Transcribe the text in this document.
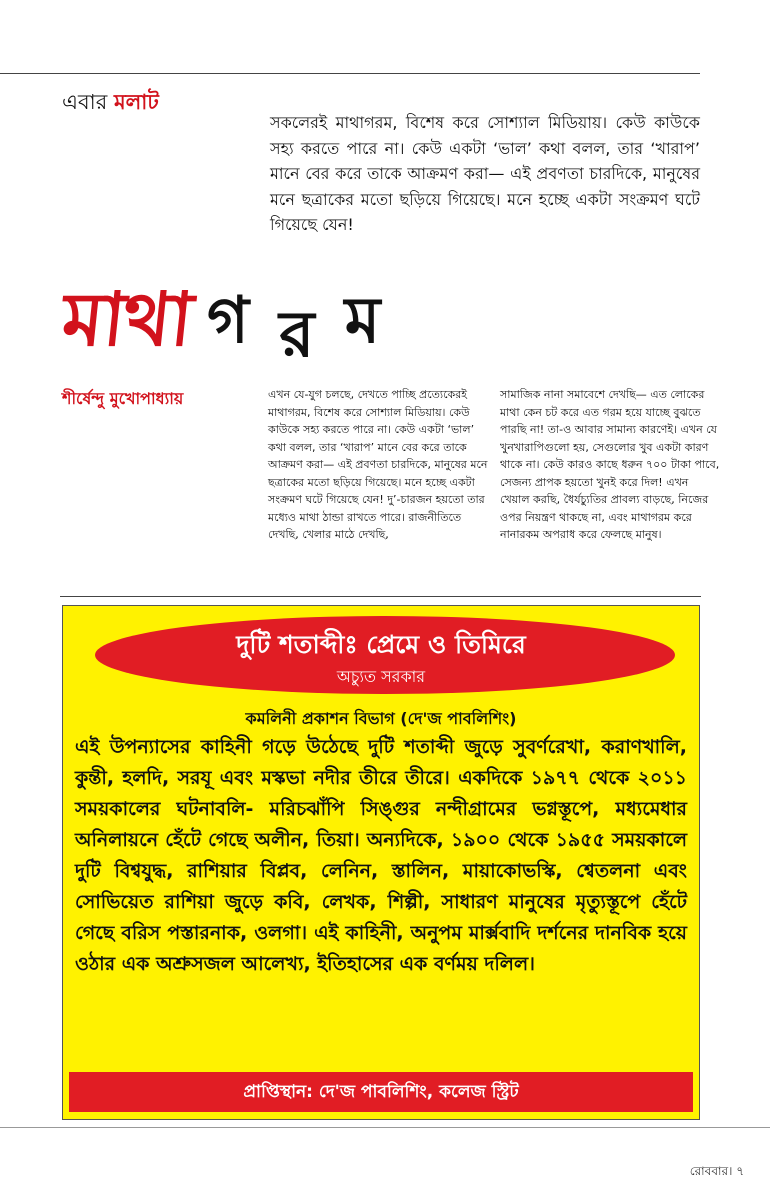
এবার মলাট
সকলেরই মাথাগরম, বিশেষ করে সোশ্যাল মিডিয়ায়। কেউ কাউকে সহ্য করতে পারে না। কেউ একটা ‘ভাল’ কথা বলল, তার ‘খারাপ’ মানে বের করে তাকে আক্রমণ করা— এই প্রবণতা চারদিকে, মানুষের মনে ছত্রাকের মতো ছড়িয়ে গিয়েছে। মনে হচ্ছে একটা সংক্রমণ ঘটে গিয়েছে যেন!
মাথা গ র ম
শীর্ষেন্দু মুখোপাধ্যায়	এখন যে-যুগ চলছে, দেখতে পাচ্ছি প্রত্যেকেরই মাথাগরম, বিশেষ করে সোশ্যাল মিডিয়ায়। কেউ কাউকে সহ্য করতে পারে না। কেউ একটা ‘ভাল’ কথা বলল, তার ‘খারাপ’ মানে বের করে তাকে আক্রমণ করা— এই প্রবণতা চারদিকে, মানুষের মনে ছত্রাকের মতো ছড়িয়ে গিয়েছে। মনে হচ্ছে একটা সংক্রমণ ঘটে গিয়েছে যেন! দু’-চারজন হয়তো তার মধ্যেও মাথা ঠান্ডা রাখতে পারে। রাজনীতিতে দেখছি, খেলার মাঠে দেখছি,
সামাজিক নানা সমাবেশে দেখছি— এত লোকের মাথা কেন চট করে এত গরম হয়ে যাচ্ছে বুঝতে পারছি না! তা-ও আবার সামান্য কারণেই। এখন যে খুনখারাপিগুলো হয়, সেগুলোর খুব একটা কারণ থাকে না। কেউ কারও কাছে ধরুন ৭০০ টাকা পাবে, সেজন্য প্রাপক হয়তো খুনই করে দিল! এখন খেয়াল করছি, ধৈর্যচ্যুতির প্রাবল্য বাড়ছে, নিজের ওপর নিয়ন্ত্রণ থাকছে না, এবং মাথাগরম করে নানারকম অপরাধ করে ফেলছে মানুষ।
দুটি শতাব্দীঃ প্রেমে ও তিমিরে
অচ্যুত সরকার
কমলিনী প্রকাশন বিভাগ (দে'জ পাবলিশিং)
এই উপন্যাসের কাহিনী গড়ে উঠেছে দুটি শতাব্দী জুড়ে সুবর্ণরেখা, করাণখালি, কুন্তী, হলদি, সরযূ এবং মস্কভা নদীর তীরে তীরে। একদিকে ১৯৭৭ থেকে ২০১১ সময়কালের ঘটনাবলি- মরিচঝাঁপি সিঙ্গুর নন্দীগ্রামের ভগ্নস্তূপে, মধ্যমেধার অনিলায়নে হেঁটে গেছে অলীন, তিয়া। অন্যদিকে, ১৯০০ থেকে ১৯৫৫ সময়কালে দুটি বিশ্বযুদ্ধ, রাশিয়ার বিপ্লব, লেনিন, স্তালিন, মায়াকোভস্কি, শ্বেতলনা এবং সোভিয়েত রাশিয়া জুড়ে কবি, লেখক, শিল্পী, সাধারণ মানুষের মৃত্যুস্তূপে হেঁটে গেছে বরিস পস্তারনাক, ওলগা। এই কাহিনী, অনুপম মার্ক্সবাদি দর্শনের দানবিক হয়ে ওঠার এক অশ্রুসজল আলেখ্য, ইতিহাসের এক বর্ণময় দলিল।
প্রাপ্তিস্থান: দে'জ পাবলিশিং, কলেজ স্ট্রিট
রোববার। ৭
